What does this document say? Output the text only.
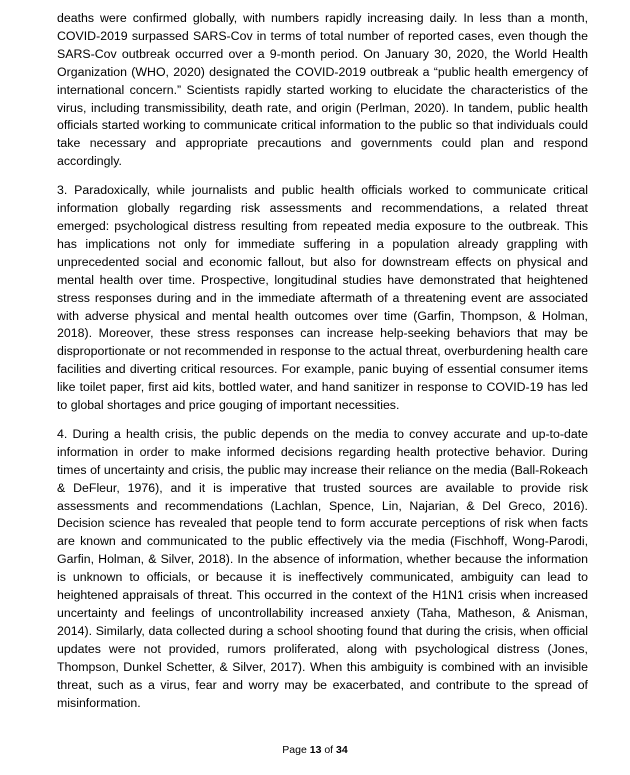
deaths were confirmed globally, with numbers rapidly increasing daily. In less than a month, COVID-2019 surpassed SARS-Cov in terms of total number of reported cases, even though the SARS-Cov outbreak occurred over a 9-month period. On January 30, 2020, the World Health Organization (WHO, 2020) designated the COVID-2019 outbreak a “public health emergency of international concern.” Scientists rapidly started working to elucidate the characteristics of the virus, including transmissibility, death rate, and origin (Perlman, 2020). In tandem, public health officials started working to communicate critical information to the public so that individuals could take necessary and appropriate precautions and governments could plan and respond accordingly.

3. Paradoxically, while journalists and public health officials worked to communicate critical information globally regarding risk assessments and recommendations, a related threat emerged: psychological distress resulting from repeated media exposure to the outbreak. This has implications not only for immediate suffering in a population already grappling with unprecedented social and economic fallout, but also for downstream effects on physical and mental health over time. Prospective, longitudinal studies have demonstrated that heightened stress responses during and in the immediate aftermath of a threatening event are associated with adverse physical and mental health outcomes over time (Garfin, Thompson, & Holman, 2018). Moreover, these stress responses can increase help-seeking behaviors that may be disproportionate or not recommended in response to the actual threat, overburdening health care facilities and diverting critical resources. For example, panic buying of essential consumer items like toilet paper, first aid kits, bottled water, and hand sanitizer in response to COVID-19 has led to global shortages and price gouging of important necessities.

4. During a health crisis, the public depends on the media to convey accurate and up-to-date information in order to make informed decisions regarding health protective behavior. During times of uncertainty and crisis, the public may increase their reliance on the media (Ball-Rokeach & DeFleur, 1976), and it is imperative that trusted sources are available to provide risk assessments and recommendations (Lachlan, Spence, Lin, Najarian, & Del Greco, 2016). Decision science has revealed that people tend to form accurate perceptions of risk when facts are known and communicated to the public effectively via the media (Fischhoff, Wong-Parodi, Garfin, Holman, & Silver, 2018). In the absence of information, whether because the information is unknown to officials, or because it is ineffectively communicated, ambiguity can lead to heightened appraisals of threat. This occurred in the context of the H1N1 crisis when increased uncertainty and feelings of uncontrollability increased anxiety (Taha, Matheson, & Anisman, 2014). Similarly, data collected during a school shooting found that during the crisis, when official updates were not provided, rumors proliferated, along with psychological distress (Jones, Thompson, Dunkel Schetter, & Silver, 2017). When this ambiguity is combined with an invisible threat, such as a virus, fear and worry may be exacerbated, and contribute to the spread of misinformation.

Page 13 of 34
